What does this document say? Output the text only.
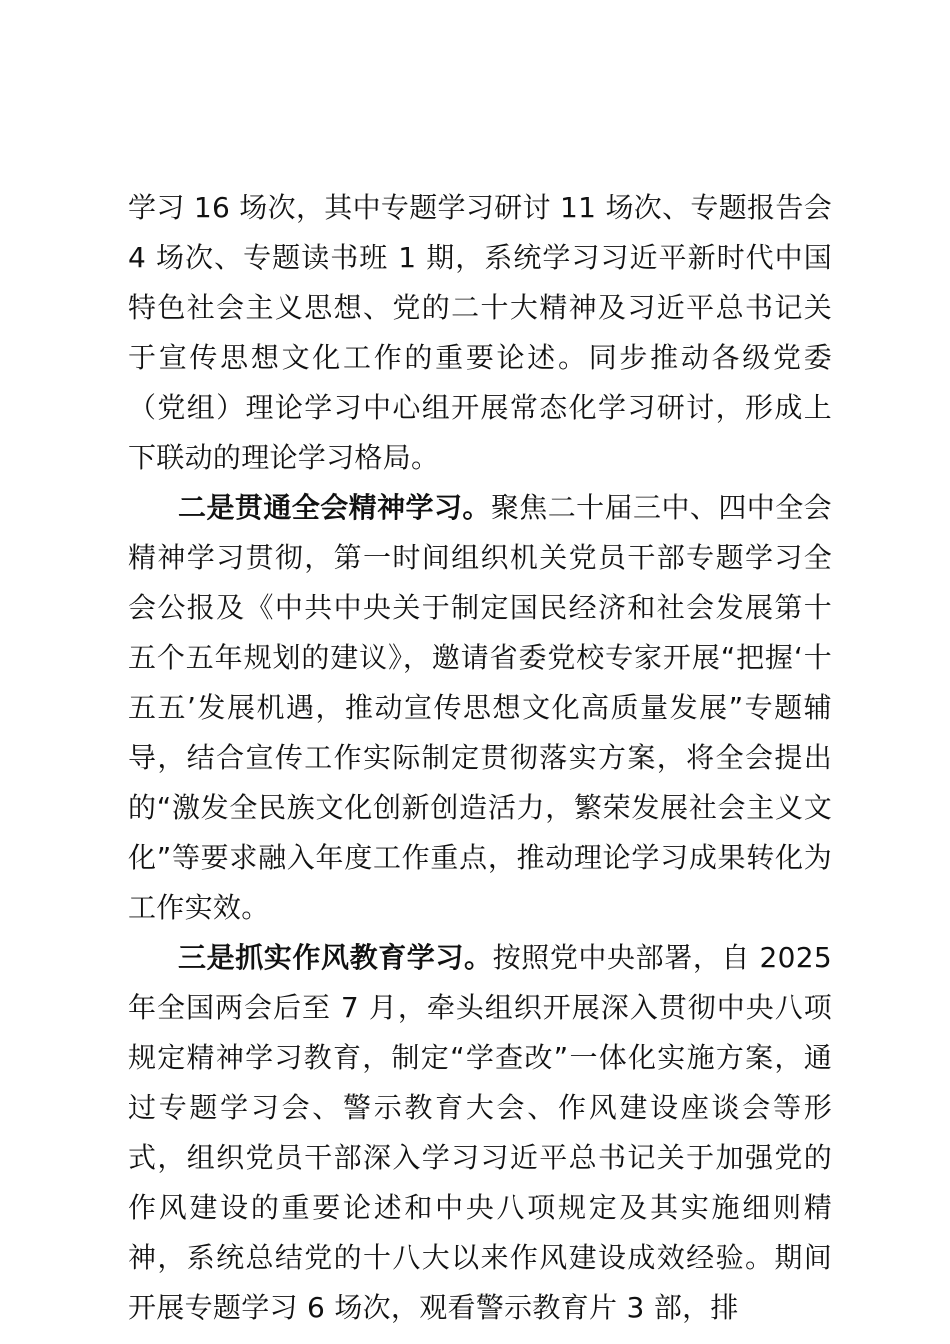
学习 16 场次，其中专题学习研讨 11 场次、专题报告会 4 场次、专题读书班 1 期，系统学习习近平新时代中国特色社会主义思想、党的二十大精神及习近平总书记关于宣传思想文化工作的重要论述。同步推动各级党委（党组）理论学习中心组开展常态化学习研讨，形成上下联动的理论学习格局。

二是贯通全会精神学习。聚焦二十届三中、四中全会精神学习贯彻，第一时间组织机关党员干部专题学习全会公报及《中共中央关于制定国民经济和社会发展第十五个五年规划的建议》，邀请省委党校专家开展“把握‘十五五’发展机遇，推动宣传思想文化高质量发展”专题辅导，结合宣传工作实际制定贯彻落实方案，将全会提出的“激发全民族文化创新创造活力，繁荣发展社会主义文化”等要求融入年度工作重点，推动理论学习成果转化为工作实效。

三是抓实作风教育学习。按照党中央部署，自 2025 年全国两会后至 7 月，牵头组织开展深入贯彻中央八项规定精神学习教育，制定“学查改”一体化实施方案，通过专题学习会、警示教育大会、作风建设座谈会等形式，组织党员干部深入学习习近平总书记关于加强党的作风建设的重要论述和中央八项规定及其实施细则精神，系统总结党的十八大以来作风建设成效经验。期间开展专题学习 6 场次，观看警示教育片 3 部，排
